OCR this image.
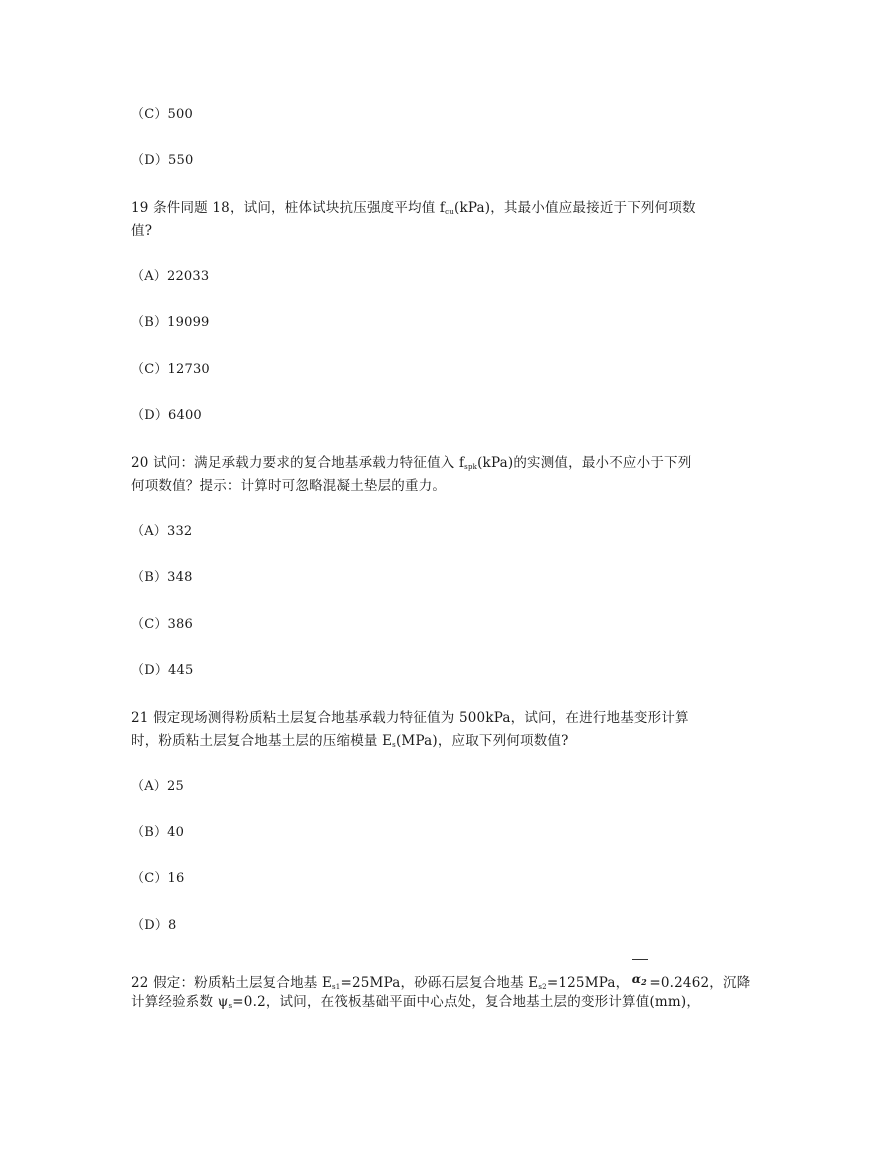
（C）500
（D）550
19 条件同题 18，试问，桩体试块抗压强度平均值 $f_{cu}(kPa)$，其最小值应最接近于下列何项数
值?
（A）22033
（B）19099
（C）12730
（D）6400
20 试问：满足承载力要求的复合地基承载力特征值入 $f_{spk}(kPa)$的实测值，最小不应小于下列
何项数值？提示：计算时可忽略混凝土垫层的重力。
（A）332
（B）348
（C）386
（D）445
21 假定现场测得粉质粘土层复合地基承载力特征值为 500kPa，试问，在进行地基变形计算
时，粉质粘土层复合地基土层的压缩模量 $E_s(MPa)$，应取下列何项数值?
（A）25
（B）40
（C）16
（D）8
22 假定：粉质粘土层复合地基 $E_{s1}=25MPa$，砂砾石层复合地基 $E_{s2}=125MPa$， $\alpha_2 =0.2462$，沉降
计算经验系数 $\psi_s=0.2$，试问，在筏板基础平面中心点处，复合地基土层的变形计算值(mm)，
